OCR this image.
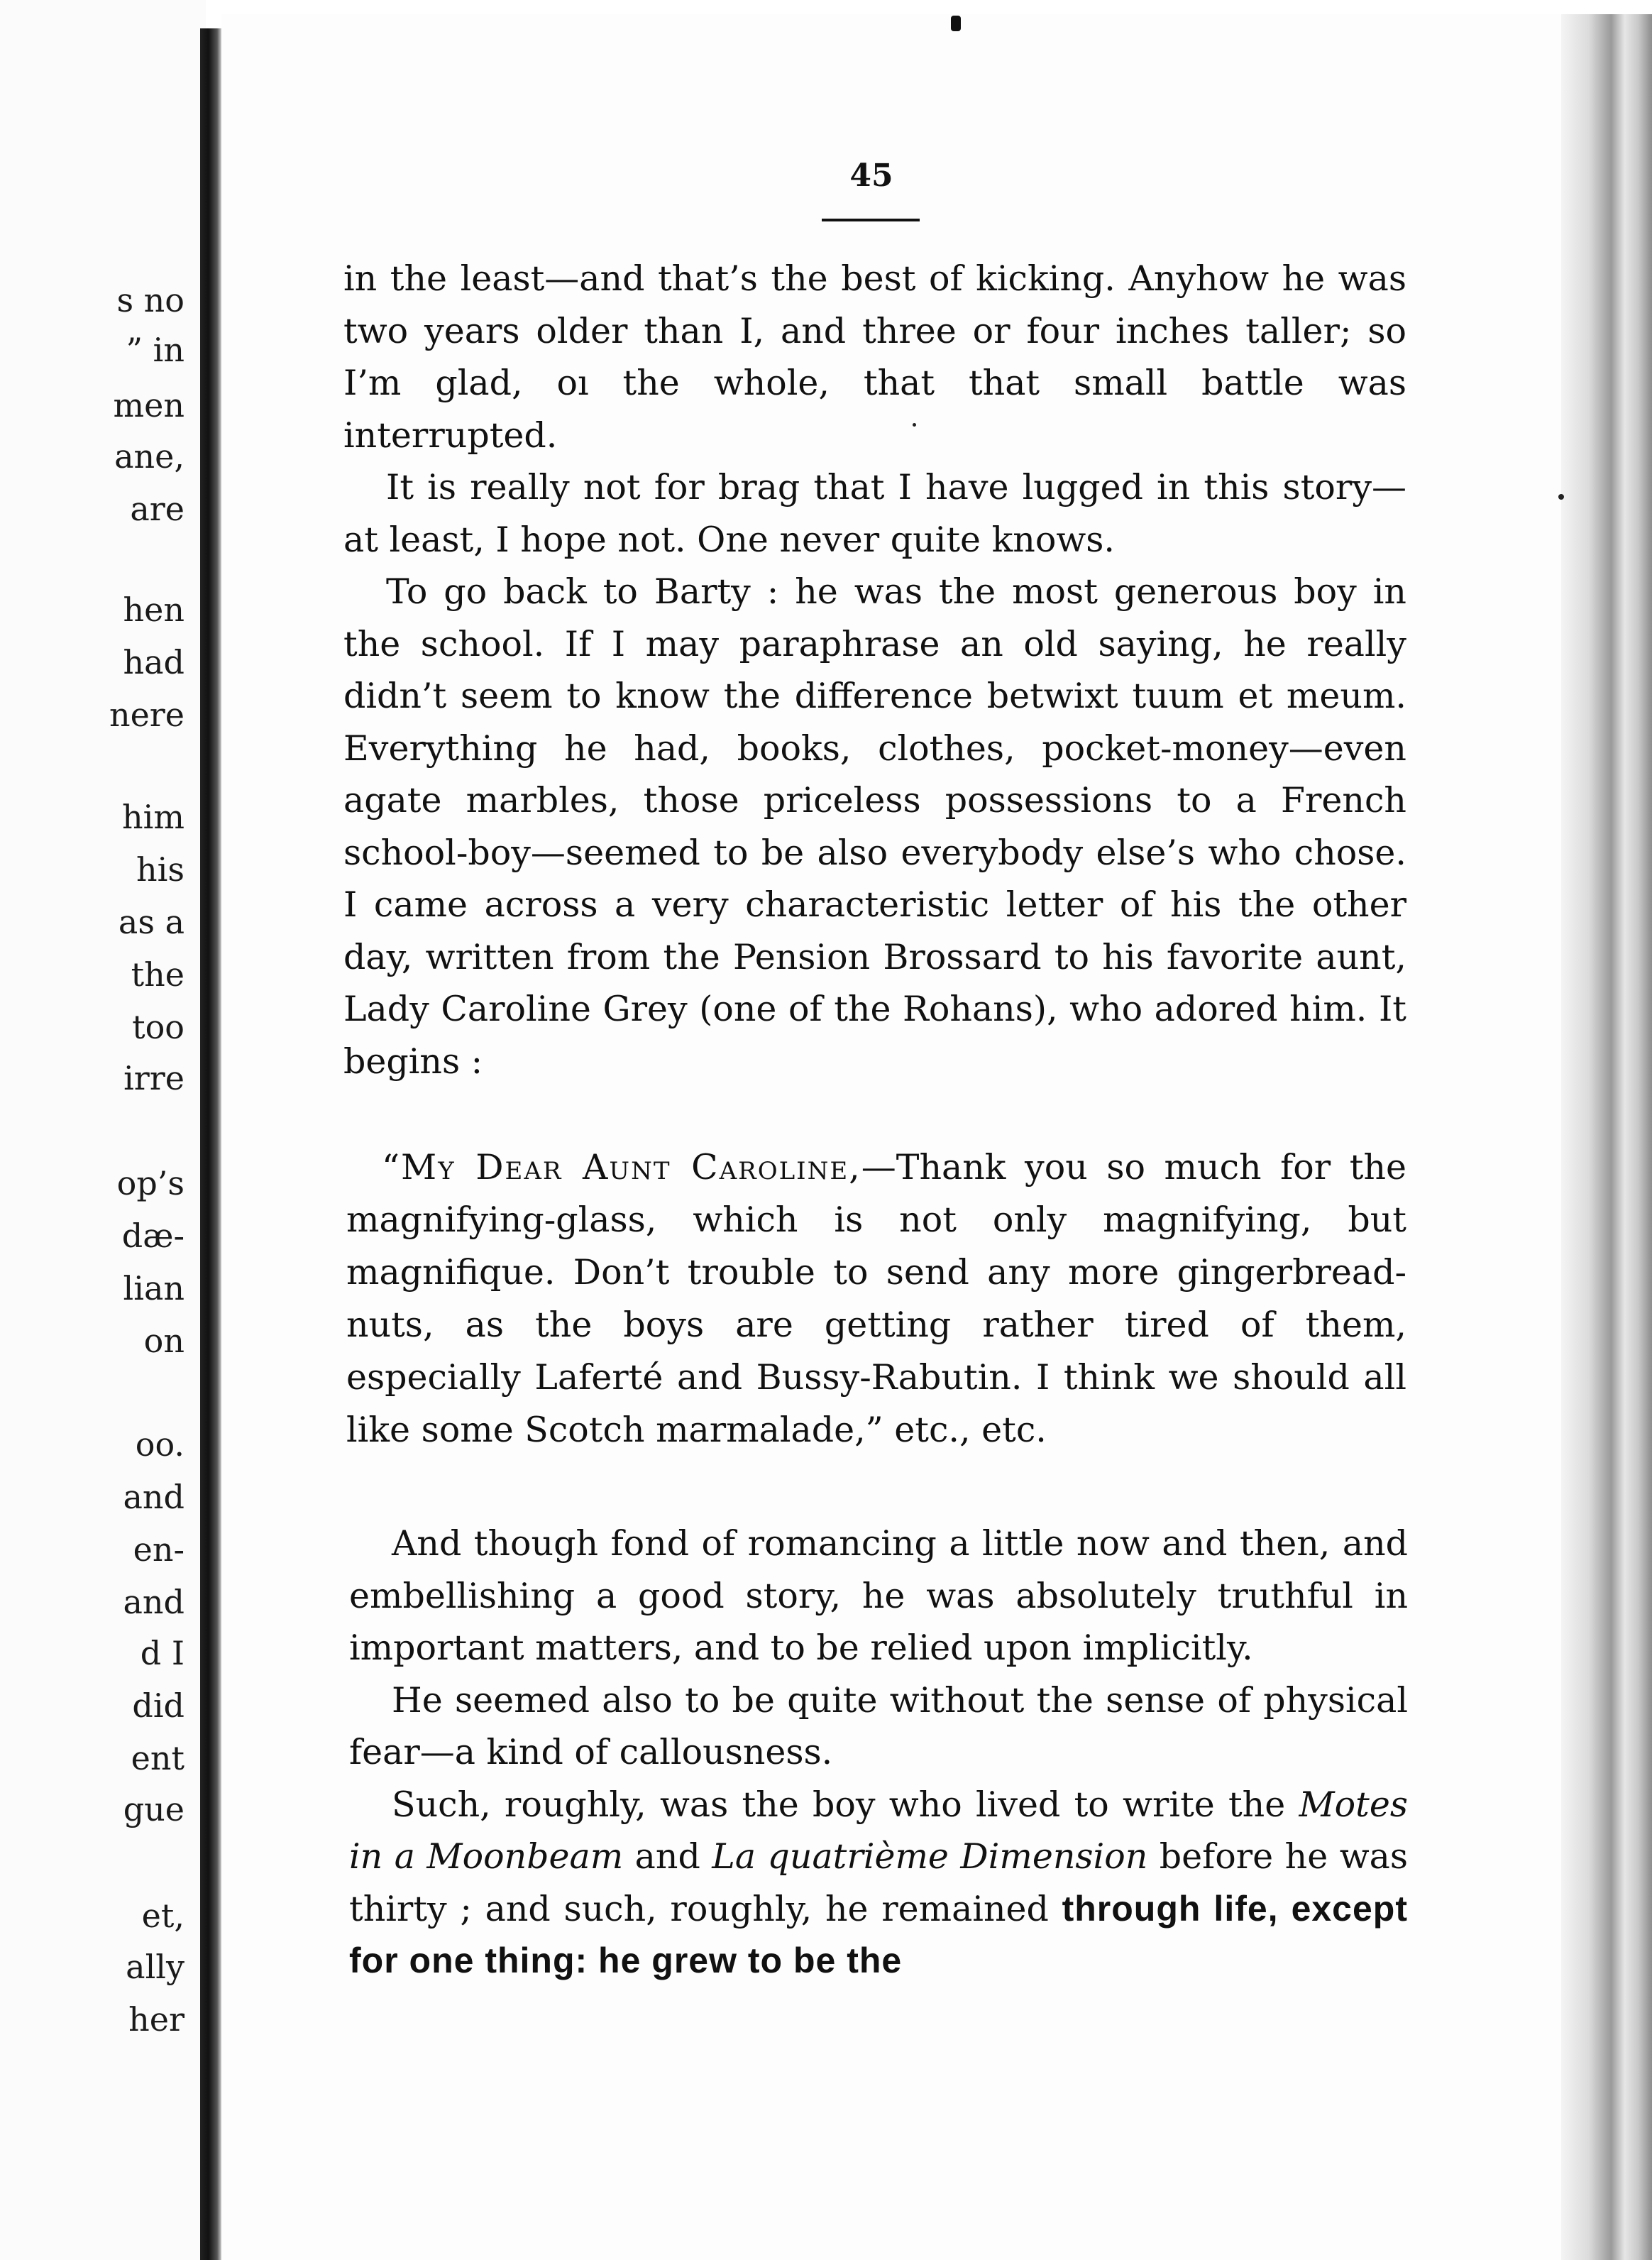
s no
” in
men
ane,
are
hen
had
nere
him
his
as a
the
too
irre
op’s
dæ-
lian
on
oo.
and
en-
and
d I
did
ent
gue
et,
ally
her
45

in the least—and that’s the best of kicking. Anyhow he was two years older than I, and three or four inches taller; so I’m glad, oı the whole, that that small battle was interrupted.

It is really not for brag that I have lugged in this story—at least, I hope not. One never quite knows.

To go back to Barty : he was the most generous boy in the school. If I may paraphrase an old saying, he really didn’t seem to know the difference betwixt tuum et meum. Everything he had, books, clothes, pocket-money—even agate marbles, those priceless possessions to a French school-boy—seemed to be also everybody else’s who chose. I came across a very characteristic letter of his the other day, written from the Pension Brossard to his favorite aunt, Lady Caroline Grey (one of the Rohans), who adored him. It begins :

“My Dear Aunt Caroline,—Thank you so much for the magnifying-glass, which is not only magnifying, but magnifique. Don’t trouble to send any more gingerbread-nuts, as the boys are getting rather tired of them, especially Laferté and Bussy-Rabutin. I think we should all like some Scotch marmalade,” etc., etc.

And though fond of romancing a little now and then, and embellishing a good story, he was absolutely truthful in important matters, and to be relied upon implicitly.

He seemed also to be quite without the sense of physical fear—a kind of callousness.

Such, roughly, was the boy who lived to write the Motes in a Moonbeam and La quatrième Dimension before he was thirty ; and such, roughly, he remained through life, except for one thing: he grew to be the
